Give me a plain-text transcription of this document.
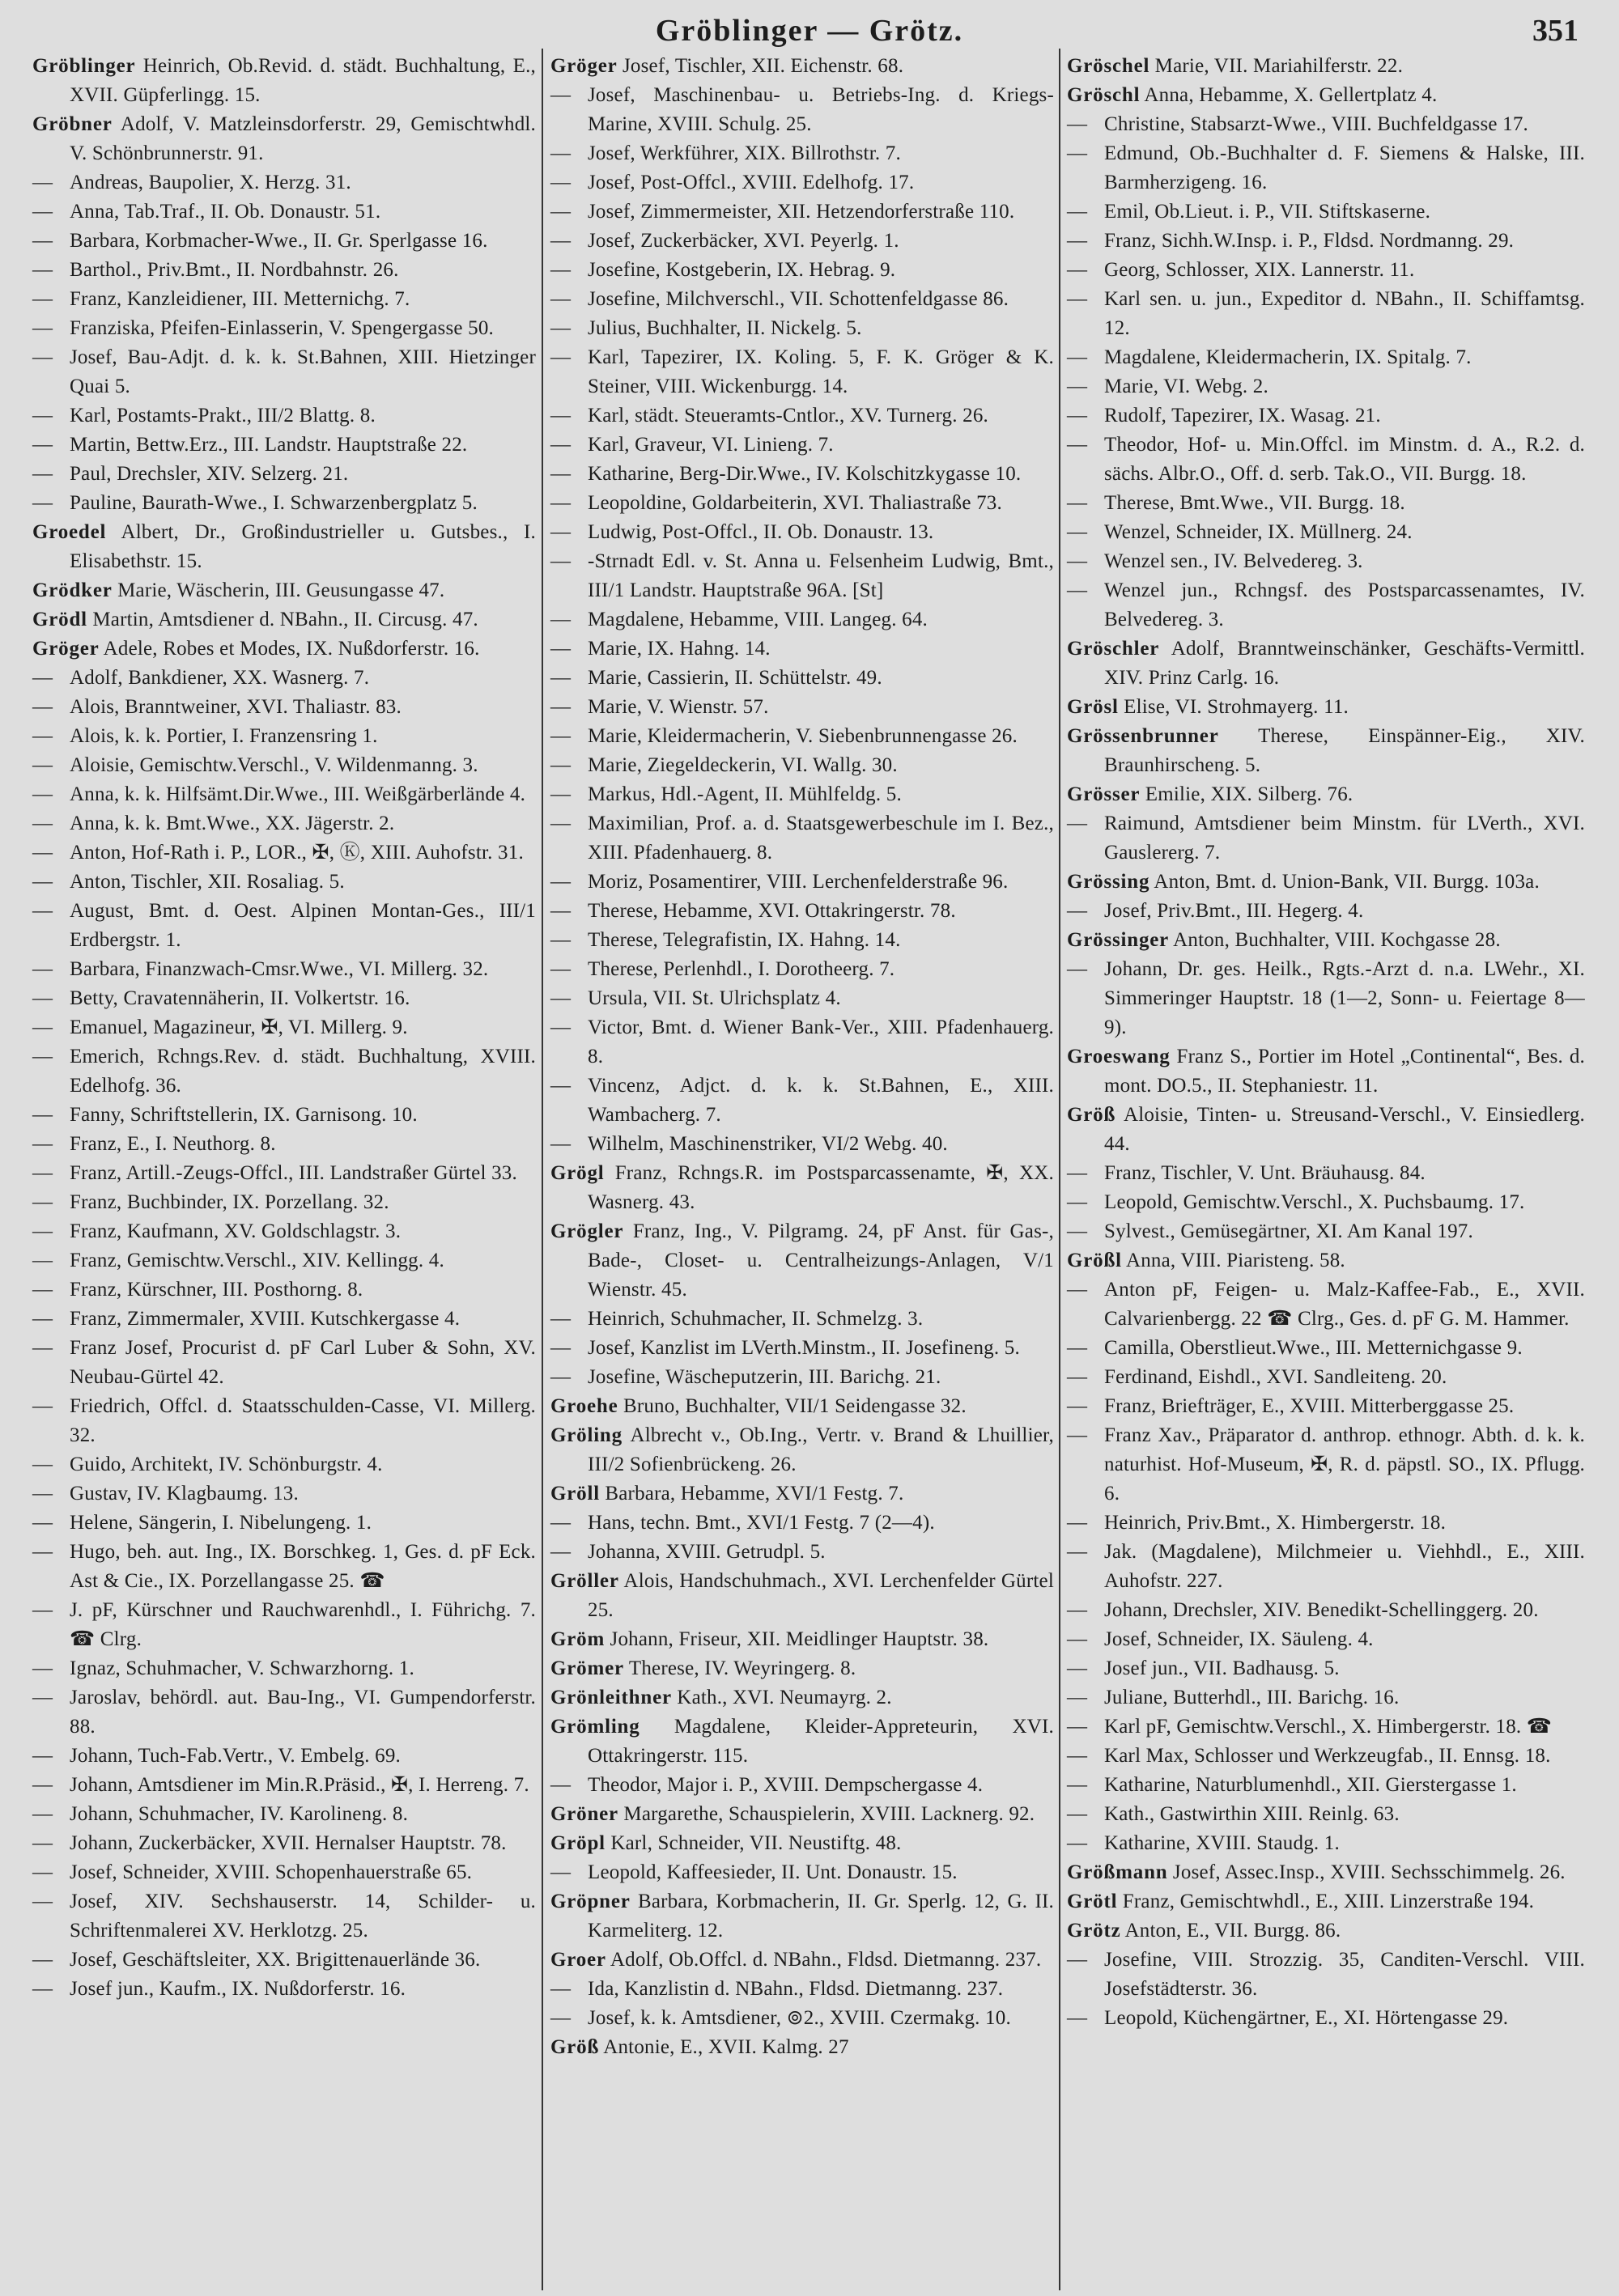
Gröblinger — Grötz.	351
Gröblinger Heinrich, Ob.Revid. d. städt. Buchhaltung, E., XVII. Güpferlingg. 15.
Gröbner Adolf, V. Matzleinsdorferstr. 29, Gemischtwhdl. V. Schönbrunnerstr. 91.
— Andreas, Baupolier, X. Herzg. 31.
— Anna, Tab.Traf., II. Ob. Donaustr. 51.
— Barbara, Korbmacher-Wwe., II. Gr. Sperlgasse 16.
— Barthol., Priv.Bmt., II. Nordbahnstr. 26.
— Franz, Kanzleidiener, III. Metternichg. 7.
— Franziska, Pfeifen-Einlasserin, V. Spengergasse 50.
— Josef, Bau-Adjt. d. k. k. St.Bahnen, XIII. Hietzinger Quai 5.
— Karl, Postamts-Prakt., III/2 Blattg. 8.
— Martin, Bettw.Erz., III. Landstr. Hauptstraße 22.
— Paul, Drechsler, XIV. Selzerg. 21.
— Pauline, Baurath-Wwe., I. Schwarzenbergplatz 5.
Groedel Albert, Dr., Großindustrieller u. Gutsbes., I. Elisabethstr. 15.
Grödker Marie, Wäscherin, III. Geusungasse 47.
Grödl Martin, Amtsdiener d. NBahn., II. Circusg. 47.
Gröger Adele, Robes et Modes, IX. Nußdorferstr. 16.
— Adolf, Bankdiener, XX. Wasnerg. 7.
— Alois, Branntweiner, XVI. Thaliastr. 83.
— Alois, k. k. Portier, I. Franzensring 1.
— Aloisie, Gemischtw.Verschl., V. Wildenmanng. 3.
— Anna, k. k. Hilfsämt.Dir.Wwe., III. Weißgärberlände 4.
— Anna, k. k. Bmt.Wwe., XX. Jägerstr. 2.
— Anton, Hof-Rath i. P., LOR., ✠, Ⓚ, XIII. Auhofstr. 31.
— Anton, Tischler, XII. Rosaliag. 5.
— August, Bmt. d. Oest. Alpinen Montan-Ges., III/1 Erdbergstr. 1.
— Barbara, Finanzwach-Cmsr.Wwe., VI. Millerg. 32.
— Betty, Cravatennäherin, II. Volkertstr. 16.
— Emanuel, Magazineur, ✠, VI. Millerg. 9.
— Emerich, Rchngs.Rev. d. städt. Buchhaltung, XVIII. Edelhofg. 36.
— Fanny, Schriftstellerin, IX. Garnisong. 10.
— Franz, E., I. Neuthorg. 8.
— Franz, Artill.-Zeugs-Offcl., III. Landstraßer Gürtel 33.
— Franz, Buchbinder, IX. Porzellang. 32.
— Franz, Kaufmann, XV. Goldschlagstr. 3.
— Franz, Gemischtw.Verschl., XIV. Kellingg. 4.
— Franz, Kürschner, III. Posthorng. 8.
— Franz, Zimmermaler, XVIII. Kutschkergasse 4.
— Franz Josef, Procurist d. pF Carl Luber & Sohn, XV. Neubau-Gürtel 42.
— Friedrich, Offcl. d. Staatsschulden-Casse, VI. Millerg. 32.
— Guido, Architekt, IV. Schönburgstr. 4.
— Gustav, IV. Klagbaumg. 13.
— Helene, Sängerin, I. Nibelungeng. 1.
— Hugo, beh. aut. Ing., IX. Borschkeg. 1, Ges. d. pF Eck. Ast & Cie., IX. Porzellangasse 25. ☎
— J. pF, Kürschner und Rauchwarenhdl., I. Führichg. 7. ☎ Clrg.
— Ignaz, Schuhmacher, V. Schwarzhorng. 1.
— Jaroslav, behördl. aut. Bau-Ing., VI. Gumpendorferstr. 88.
— Johann, Tuch-Fab.Vertr., V. Embelg. 69.
— Johann, Amtsdiener im Min.R.Präsid., ✠, I. Herreng. 7.
— Johann, Schuhmacher, IV. Karolineng. 8.
— Johann, Zuckerbäcker, XVII. Hernalser Hauptstr. 78.
— Josef, Schneider, XVIII. Schopenhauerstraße 65.
— Josef, XIV. Sechshauserstr. 14, Schilder- u. Schriftenmalerei XV. Herklotzg. 25.
— Josef, Geschäftsleiter, XX. Brigittenauerlände 36.
— Josef jun., Kaufm., IX. Nußdorferstr. 16.
Gröger Josef, Tischler, XII. Eichenstr. 68.
— Josef, Maschinenbau- u. Betriebs-Ing. d. Kriegs-Marine, XVIII. Schulg. 25.
— Josef, Werkführer, XIX. Billrothstr. 7.
— Josef, Post-Offcl., XVIII. Edelhofg. 17.
— Josef, Zimmermeister, XII. Hetzendorferstraße 110.
— Josef, Zuckerbäcker, XVI. Peyerlg. 1.
— Josefine, Kostgeberin, IX. Hebrag. 9.
— Josefine, Milchverschl., VII. Schottenfeldgasse 86.
— Julius, Buchhalter, II. Nickelg. 5.
— Karl, Tapezirer, IX. Koling. 5, F. K. Gröger & K. Steiner, VIII. Wickenburgg. 14.
— Karl, städt. Steueramts-Cntlor., XV. Turnerg. 26.
— Karl, Graveur, VI. Linieng. 7.
— Katharine, Berg-Dir.Wwe., IV. Kolschitzkygasse 10.
— Leopoldine, Goldarbeiterin, XVI. Thaliastraße 73.
— Ludwig, Post-Offcl., II. Ob. Donaustr. 13.
— -Strnadt Edl. v. St. Anna u. Felsenheim Ludwig, Bmt., III/1 Landstr. Hauptstraße 96A. [St]
— Magdalene, Hebamme, VIII. Langeg. 64.
— Marie, IX. Hahng. 14.
— Marie, Cassierin, II. Schüttelstr. 49.
— Marie, V. Wienstr. 57.
— Marie, Kleidermacherin, V. Siebenbrunnengasse 26.
— Marie, Ziegeldeckerin, VI. Wallg. 30.
— Markus, Hdl.-Agent, II. Mühlfeldg. 5.
— Maximilian, Prof. a. d. Staatsgewerbeschule im I. Bez., XIII. Pfadenhauerg. 8.
— Moriz, Posamentirer, VIII. Lerchenfelderstraße 96.
— Therese, Hebamme, XVI. Ottakringerstr. 78.
— Therese, Telegrafistin, IX. Hahng. 14.
— Therese, Perlenhdl., I. Dorotheerg. 7.
— Ursula, VII. St. Ulrichsplatz 4.
— Victor, Bmt. d. Wiener Bank-Ver., XIII. Pfadenhauerg. 8.
— Vincenz, Adjct. d. k. k. St.Bahnen, E., XIII. Wambacherg. 7.
— Wilhelm, Maschinenstriker, VI/2 Webg. 40.
Grögl Franz, Rchngs.R. im Postsparcassenamte, ✠, XX. Wasnerg. 43.
Grögler Franz, Ing., V. Pilgramg. 24, pF Anst. für Gas-, Bade-, Closet- u. Centralheizungs-Anlagen, V/1 Wienstr. 45.
— Heinrich, Schuhmacher, II. Schmelzg. 3.
— Josef, Kanzlist im LVerth.Minstm., II. Josefineng. 5.
— Josefine, Wäscheputzerin, III. Barichg. 21.
Groehe Bruno, Buchhalter, VII/1 Seidengasse 32.
Gröling Albrecht v., Ob.Ing., Vertr. v. Brand & Lhuillier, III/2 Sofienbrückeng. 26.
Gröll Barbara, Hebamme, XVI/1 Festg. 7.
— Hans, techn. Bmt., XVI/1 Festg. 7 (2—4).
— Johanna, XVIII. Getrudpl. 5.
Gröller Alois, Handschuhmach., XVI. Lerchenfelder Gürtel 25.
Gröm Johann, Friseur, XII. Meidlinger Hauptstr. 38.
Grömer Therese, IV. Weyringerg. 8.
Grönleithner Kath., XVI. Neumayrg. 2.
Grömling Magdalene, Kleider-Appreteurin, XVI. Ottakringerstr. 115.
— Theodor, Major i. P., XVIII. Dempschergasse 4.
Gröner Margarethe, Schauspielerin, XVIII. Lacknerg. 92.
Gröpl Karl, Schneider, VII. Neustiftg. 48.
— Leopold, Kaffeesieder, II. Unt. Donaustr. 15.
Gröpner Barbara, Korbmacherin, II. Gr. Sperlg. 12, G. II. Karmeliterg. 12.
Groer Adolf, Ob.Offcl. d. NBahn., Fldsd. Dietmanng. 237.
— Ida, Kanzlistin d. NBahn., Fldsd. Dietmanng. 237.
— Josef, k. k. Amtsdiener, ⊚2., XVIII. Czermakg. 10.
Größ Antonie, E., XVII. Kalmg. 27
Gröschel Marie, VII. Mariahilferstr. 22.
Gröschl Anna, Hebamme, X. Gellertplatz 4.
— Christine, Stabsarzt-Wwe., VIII. Buchfeldgasse 17.
— Edmund, Ob.-Buchhalter d. F. Siemens & Halske, III. Barmherzigeng. 16.
— Emil, Ob.Lieut. i. P., VII. Stiftskaserne.
— Franz, Sichh.W.Insp. i. P., Fldsd. Nordmanng. 29.
— Georg, Schlosser, XIX. Lannerstr. 11.
— Karl sen. u. jun., Expeditor d. NBahn., II. Schiffamtsg. 12.
— Magdalene, Kleidermacherin, IX. Spitalg. 7.
— Marie, VI. Webg. 2.
— Rudolf, Tapezirer, IX. Wasag. 21.
— Theodor, Hof- u. Min.Offcl. im Minstm. d. A., R.2. d. sächs. Albr.O., Off. d. serb. Tak.O., VII. Burgg. 18.
— Therese, Bmt.Wwe., VII. Burgg. 18.
— Wenzel, Schneider, IX. Müllnerg. 24.
— Wenzel sen., IV. Belvedereg. 3.
— Wenzel jun., Rchngsf. des Postsparcassenamtes, IV. Belvedereg. 3.
Gröschler Adolf, Branntweinschänker, Geschäfts-Vermittl. XIV. Prinz Carlg. 16.
Grösl Elise, VI. Strohmayerg. 11.
Grössenbrunner Therese, Einspänner-Eig., XIV. Braunhirscheng. 5.
Grösser Emilie, XIX. Silberg. 76.
— Raimund, Amtsdiener beim Minstm. für LVerth., XVI. Gauslererg. 7.
Grössing Anton, Bmt. d. Union-Bank, VII. Burgg. 103a.
— Josef, Priv.Bmt., III. Hegerg. 4.
Grössinger Anton, Buchhalter, VIII. Kochgasse 28.
— Johann, Dr. ges. Heilk., Rgts.-Arzt d. n.a. LWehr., XI. Simmeringer Hauptstr. 18 (1—2, Sonn- u. Feiertage 8—9).
Groeswang Franz S., Portier im Hotel „Continental“, Bes. d. mont. DO.5., II. Stephaniestr. 11.
Größ Aloisie, Tinten- u. Streusand-Verschl., V. Einsiedlerg. 44.
— Franz, Tischler, V. Unt. Bräuhausg. 84.
— Leopold, Gemischtw.Verschl., X. Puchsbaumg. 17.
— Sylvest., Gemüsegärtner, XI. Am Kanal 197.
Größl Anna, VIII. Piaristeng. 58.
— Anton pF, Feigen- u. Malz-Kaffee-Fab., E., XVII. Calvarienbergg. 22 ☎ Clrg., Ges. d. pF G. M. Hammer.
— Camilla, Oberstlieut.Wwe., III. Metternichgasse 9.
— Ferdinand, Eishdl., XVI. Sandleiteng. 20.
— Franz, Briefträger, E., XVIII. Mitterberggasse 25.
— Franz Xav., Präparator d. anthrop. ethnogr. Abth. d. k. k. naturhist. Hof-Museum, ✠, R. d. päpstl. SO., IX. Pflugg. 6.
— Heinrich, Priv.Bmt., X. Himbergerstr. 18.
— Jak. (Magdalene), Milchmeier u. Viehhdl., E., XIII. Auhofstr. 227.
— Johann, Drechsler, XIV. Benedikt-Schellinggerg. 20.
— Josef, Schneider, IX. Säuleng. 4.
— Josef jun., VII. Badhausg. 5.
— Juliane, Butterhdl., III. Barichg. 16.
— Karl pF, Gemischtw.Verschl., X. Himbergerstr. 18. ☎
— Karl Max, Schlosser und Werkzeugfab., II. Ennsg. 18.
— Katharine, Naturblumenhdl., XII. Gierstergasse 1.
— Kath., Gastwirthin XIII. Reinlg. 63.
— Katharine, XVIII. Staudg. 1.
Größmann Josef, Assec.Insp., XVIII. Sechsschimmelg. 26.
Grötl Franz, Gemischtwhdl., E., XIII. Linzerstraße 194.
Grötz Anton, E., VII. Burgg. 86.
— Josefine, VIII. Strozzig. 35, Canditen-Verschl. VIII. Josefstädterstr. 36.
— Leopold, Küchengärtner, E., XI. Hörtengasse 29.
